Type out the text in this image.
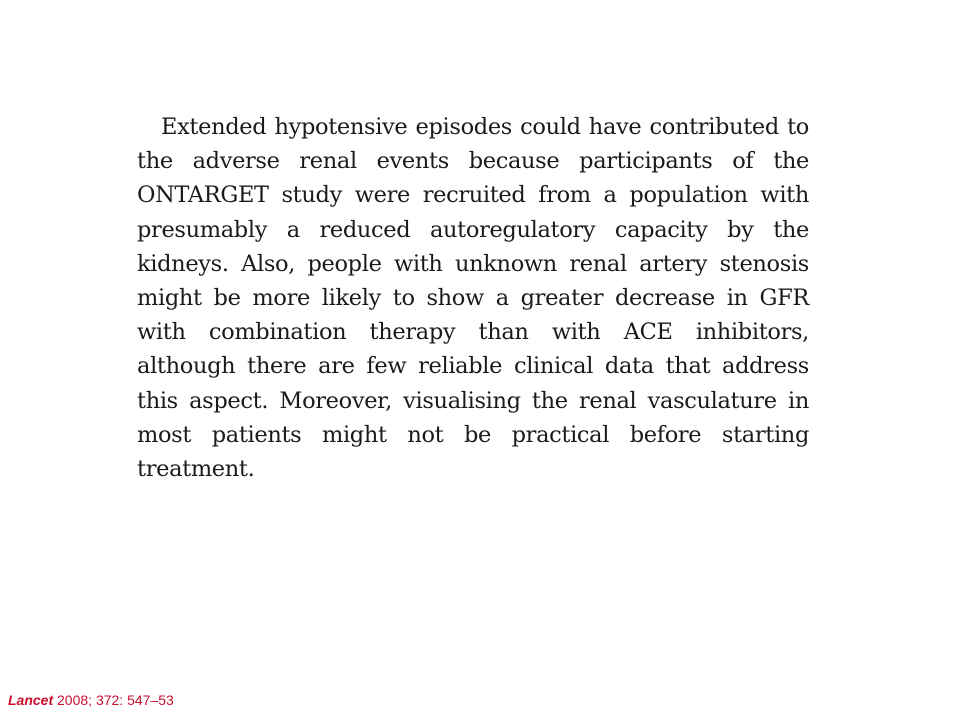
Extended hypotensive episodes could have contributed to the adverse renal events because participants of the ONTARGET study were recruited from a population with presumably a reduced autoregulatory capacity by the kidneys. Also, people with unknown renal artery stenosis might be more likely to show a greater decrease in GFR with combination therapy than with ACE inhibitors, although there are few reliable clinical data that address this aspect. Moreover, visualising the renal vasculature in most patients might not be practical before starting treatment.

Lancet 2008; 372: 547–53
